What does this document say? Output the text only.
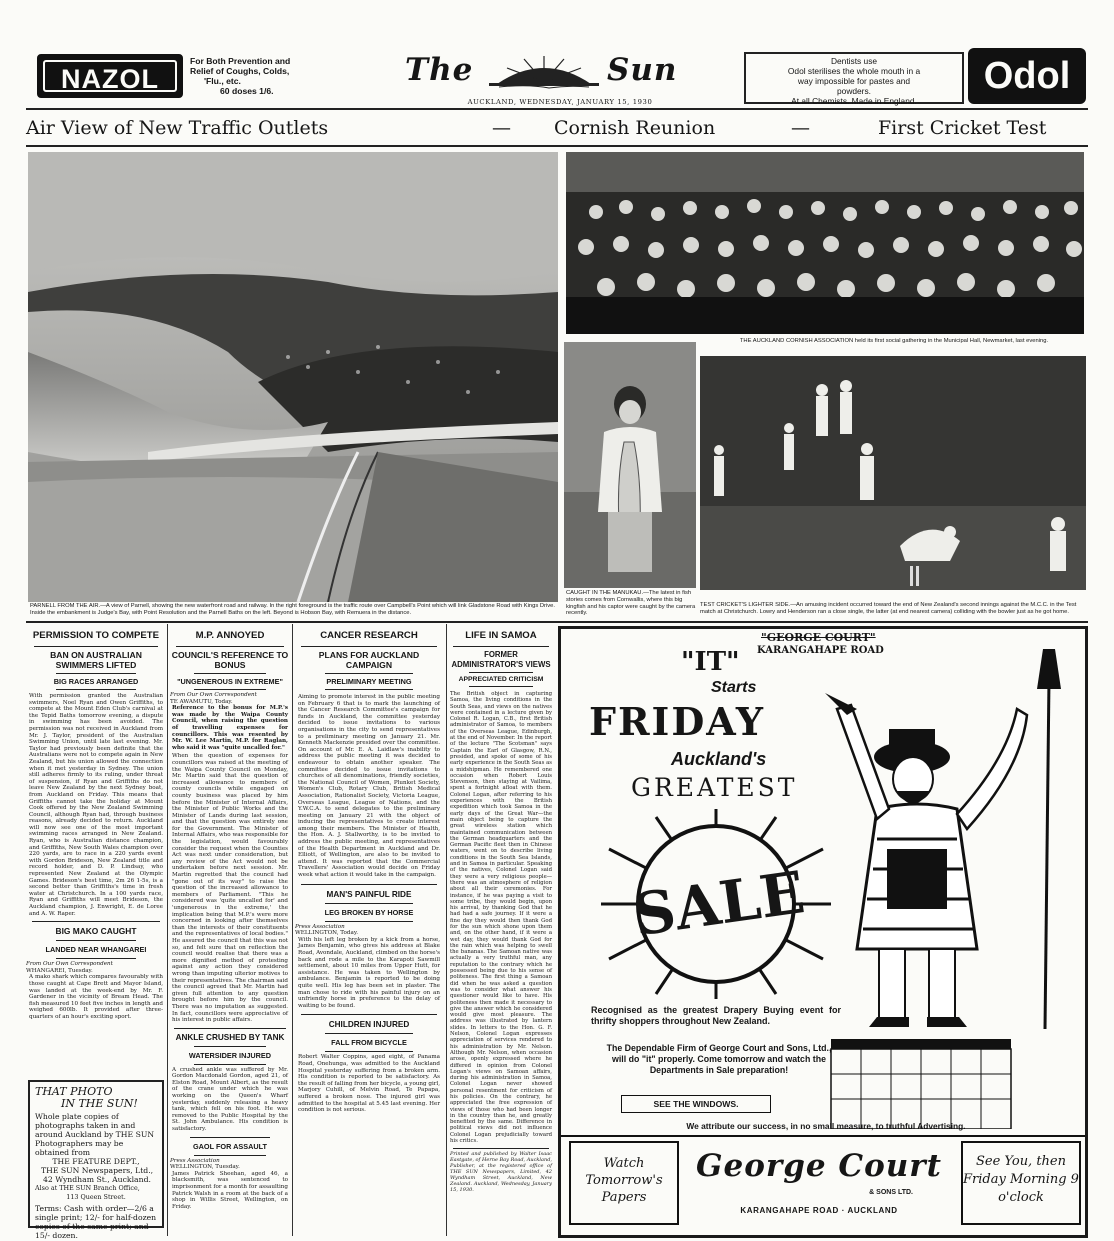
NAZOL
For Both Prevention and
Relief of Coughs, Colds,
'Flu., etc.
60 doses 1/6.
The	Sun
AUCKLAND, WEDNESDAY, JANUARY 15, 1930
Dentists use
Odol sterilises the whole mouth in a
way impossible for pastes and
powders.
At all Chemists. Made in England.
Odol
Air View of New Traffic Outlets	— Cornish Reunion	—	First Cricket Test
PARNELL FROM THE AIR.—A view of Parnell, showing the new waterfront road and railway. In the right foreground is the traffic route over Campbell's Point which will link Gladstone Road with Kings Drive. Inside the embankment is Judge's Bay, with Point Resolution and the Parnell Baths on the left. Beyond is Hobson Bay, with Remuera in the distance.
THE AUCKLAND CORNISH ASSOCIATION held its first social gathering in the Municipal Hall, Newmarket, last evening.
CAUGHT IN THE MANUKAU.—The latest in fish stories comes from Cornwallis, where this big kingfish and his captor were caught by the camera recently.
TEST CRICKET'S LIGHTER SIDE.—An amusing incident occurred toward the end of New Zealand's second innings against the M.C.C. in the Test match at Christchurch. Lowry and Henderson ran a close single, the latter (at end nearest camera) colliding with the bowler just as he got home.
PERMISSION TO COMPETE
BAN ON AUSTRALIAN SWIMMERS LIFTED
BIG RACES ARRANGED
With permission granted the Australian swimmers, Noel Ryan and Owen Griffiths, to compete at the Mount Eden Club's carnival at the Tepid Baths tomorrow evening, a dispute in swimming has been avoided. The permission was not received in Auckland from Mr. J. Taylor, president of the Australian Swimming Union, until late last evening. Mr. Taylor had previously been definite that the Australians were not to compete again in New Zealand, but his union allowed the connection when it met yesterday in Sydney. The union still adheres firmly to its ruling, under threat of suspension, if Ryan and Griffiths do not leave New Zealand by the next Sydney boat, from Auckland on Friday. This means that Griffiths cannot take the holiday at Mount Cook offered by the New Zealand Swimming Council, although Ryan had, through business reasons, already decided to return. Auckland will now see one of the most important swimming races arranged in New Zealand. Ryan, who is Australian distance champion, and Griffiths, New South Wales champion over 220 yards, are to race in a 220 yards event with Gordon Brideson, New Zealand title and record holder, and D. P. Lindsay, who represented New Zealand at the Olympic Games. Brideson's best time, 2m 26 1-5s, is a second better than Griffiths's time in fresh water at Christchurch. In a 100 yards race, Ryan and Griffiths will meet Brideson, the Auckland champion, J. Enwright, E. de Loree and A. W. Raper.
BIG MAKO CAUGHT
LANDED NEAR WHANGAREI
From Our Own Correspondent
WHANGAREI, Tuesday.
A mako shark which compares favourably with those caught at Cape Brett and Mayor Island, was landed at the week-end by Mr. F. Gardener in the vicinity of Bream Head. The fish measured 10 feet five inches in length and weighed 600lb. It provided after three-quarters of an hour's exciting sport.
THAT PHOTO
IN THE SUN!
Whole plate copies of photographs taken in and around Auckland by THE SUN Photographers may be obtained from
THE FEATURE DEPT.,
THE SUN Newspapers, Ltd.,
42 Wyndham St., Auckland.
Also at THE SUN Branch Office,
113 Queen Street.
Terms: Cash with order—2/6 a single print; 12/- for half-dozen copies of the same print; and 15/- dozen.
M.P. ANNOYED
COUNCIL'S REFERENCE TO BONUS
"UNGENEROUS IN EXTREME"
From Our Own Correspondent
TE AWAMUTU, Today.
Reference to the bonus for M.P.'s was made by the Waipa County Council, when raising the question of travelling expenses for councillors. This was resented by Mr. W. Lee Martin, M.P. for Raglan, who said it was "quite uncalled for."
When the question of expenses for councillors was raised at the meeting of the Waipa County Council on Monday, Mr. Martin said that the question of increased allowance to members of county councils while engaged on county business was placed by him before the Minister of Internal Affairs, the Minister of Public Works and the Minister of Lands during last session, and that the question was entirely one for the Government. The Minister of Internal Affairs, who was responsible for the legislation, would favourably consider the request when the Counties Act was next under consideration, but any review of the Act would not be undertaken before next session. Mr. Martin regretted that the council had "gone out of its way" to raise the question of the increased allowance to members of Parliament. "This he considered was 'quite uncalled for' and 'ungenerous in the extreme,' the implication being that M.P.'s were more concerned in looking after themselves than the interests of their constituents and the representatives of local bodies." He assured the council that this was not so, and felt sure that on reflection the council would realise that there was a more dignified method of protesting against any action they considered wrong than imputing ulterior motives to their representatives. The chairman said the council agreed that Mr. Martin had given full attention to any question brought before him by the council. There was no imputation as suggested. In fact, councillors were appreciative of his interest in public affairs.
ANKLE CRUSHED BY TANK
WATERSIDER INJURED
A crushed ankle was suffered by Mr. Gordon Macdonald Gordon, aged 21, of Elston Road, Mount Albert, as the result of the crane under which he was working on the Queen's Wharf yesterday, suddenly releasing a heavy tank, which fell on his foot. He was removed to the Public Hospital by the St. John Ambulance. His condition is satisfactory.
GAOL FOR ASSAULT
Press Association
WELLINGTON, Tuesday.
James Patrick Sheehan, aged 46, a blacksmith, was sentenced to imprisonment for a month for assaulting Patrick Walsh in a room at the back of a shop in Willis Street, Wellington, on Friday.
CANCER RESEARCH
PLANS FOR AUCKLAND CAMPAIGN
PRELIMINARY MEETING
Aiming to promote interest in the public meeting on February 6 that is to mark the launching of the Cancer Research Committee's campaign for funds in Auckland, the committee yesterday decided to issue invitations to various organisations in the city to send representatives to a preliminary meeting on January 21. Mr. Kenneth Mackenzie presided over the committee. On account of Mr. E. A. Laidlaw's inability to address the public meeting it was decided to endeavour to obtain another speaker. The committee decided to issue invitations to churches of all denominations, friendly societies, the National Council of Women, Plunket Society, Women's Club, Rotary Club, British Medical Association, Rationalist Society, Victoria League, Overseas League, League of Nations, and the Y.W.C.A. to send delegates to the preliminary meeting on January 21 with the object of inducing the representatives to create interest among their members. The Minister of Health, the Hon. A. J. Stallworthy, is to be invited to address the public meeting, and representatives of the Health Department in Auckland and Dr. Elliott, of Wellington, are also to be invited to attend. It was reported that the Commercial Travellers' Association would decide on Friday week what action it would take in the campaign.
MAN'S PAINFUL RIDE
LEG BROKEN BY HORSE
Press Association
WELLINGTON, Today.
With his left leg broken by a kick from a horse, James Benjamin, who gives his address at Blake Road, Avondale, Auckland, climbed on the horse's back and rode a mile to the Karapoti Sawmill settlement, about 10 miles from Upper Hutt, for assistance. He was taken to Wellington by ambulance. Benjamin is reported to be doing quite well. His leg has been set in plaster. The man chose to ride with his painful injury on an unfriendly horse in preference to the delay of waiting to be found.
CHILDREN INJURED
FALL FROM BICYCLE
Robert Walter Coppins, aged eight, of Panama Road, Onehunga, was admitted to the Auckland Hospital yesterday suffering from a broken arm. His condition is reported to be satisfactory. As the result of falling from her bicycle, a young girl, Marjory Cuhill, of Melvin Road, Te Papapa, suffered a broken nose. The injured girl was admitted to the hospital at 5.45 last evening. Her condition is not serious.
LIFE IN SAMOA
FORMER ADMINISTRATOR'S VIEWS
APPRECIATED CRITICISM
The British object in capturing Samoa, the living conditions in the South Seas, and views on the natives were contained in a lecture given by Colonel R. Logan, C.B., first British administrator of Samoa, to members of the Overseas League, Edinburgh, at the end of November. In the report of the lecture "The Scotsman" says Captain the Earl of Glasgow, R.N., presided, and spoke of some of his early experience in the South Seas as a midshipman. He remembered one occasion when Robert Louis Stevenson, then staying at Vailima, spent a fortnight afloat with them. Colonel Logan, after referring to his experiences with the British expedition which took Samoa in the early days of the Great War—the main object being to capture the great wireless station which maintained communication between the German headquarters and the German Pacific fleet then in Chinese waters, went on to describe living conditions in the South Sea Islands, and in Samoa in particular. Speaking of the natives, Colonel Logan said they were a very religious people—there was an atmosphere of religion about all their ceremonies. For instance, if he was paying a visit to some tribe, they would begin, upon his arrival, by thanking God that he had had a safe journey. If it were a fine day they would then thank God for the sun which shone upon them and, on the other hand, if it were a wet day, they would thank God for the rain which was helping to swell the bananas. The Samoan native was actually a very truthful man, any reputation to the contrary which he possessed being due to his sense of politeness. The first thing a Samoan did when he was asked a question was to consider what answer his questioner would like to have. His politeness then made it necessary to give the answer which he considered would give most pleasure. The address was illustrated by lantern slides. In letters to the Hon. G. F. Nelson, Colonel Logan expresses appreciation of services rendered to his administration by Mr. Nelson. Although Mr. Nelson, when occasion arose, openly expressed where he differed in opinion from Colonel Logan's views on Samoan affairs, during his administration in Samoa, Colonel Logan never showed personal resentment for criticism of his policies. On the contrary, he appreciated the free expression of views of those who had been longer in the country than he, and greatly benefited by the same. Difference in political views did not influence Colonel Logan prejudicially toward his critics.
Printed and published by Walter Isaac Eastgate, of Herne Bay Road, Auckland, Publisher, at the registered office of THE SUN Newspapers, Limited, 42 Wyndham Street, Auckland, New Zealand. Auckland, Wednesday, January 15, 1930.
"GEORGE COURT"
KARANGAHAPE ROAD
"IT"
Starts
FRIDAY
Auckland's
GREATEST
SALE
Recognised as the greatest Drapery Buying event for thrifty shoppers throughout New Zealand.
The Dependable Firm of George Court and Sons, Ltd., will do "it" properly. Come tomorrow and watch the Departments in Sale preparation!
SEE THE WINDOWS.
We attribute our success, in no small measure, to truthful Advertising.
Watch Tomorrow's Papers
George Court
& SONS LTD.
KARANGAHAPE ROAD · AUCKLAND
See You, then Friday Morning 9 o'clock
